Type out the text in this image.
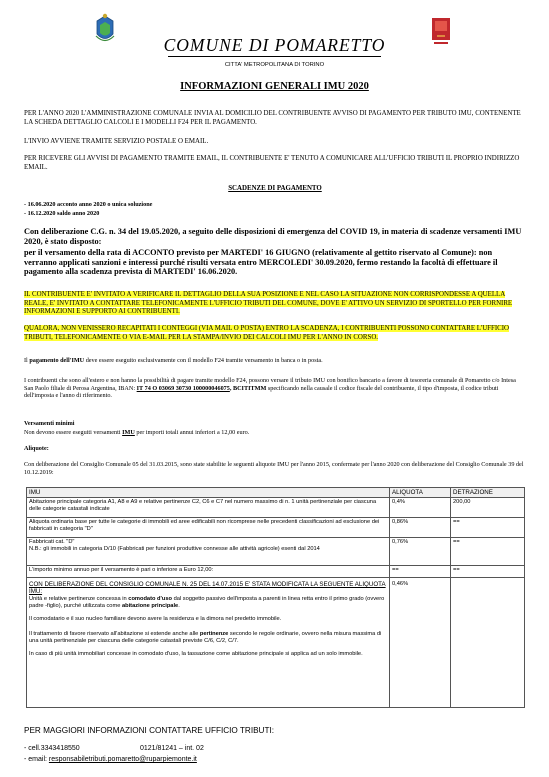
COMUNE DI POMARETTO
CITTA' METROPOLITANA DI TORINO
INFORMAZIONI GENERALI IMU 2020
PER L'ANNO 2020 L'AMMINISTRAZIONE COMUNALE INVIA AL DOMICILIO DEL CONTRIBUENTE AVVISO DI PAGAMENTO PER TRIBUTO IMU, CONTENENTE LA SCHEDA DETTAGLIO CALCOLI E I MODELLI F24 PER IL PAGAMENTO.
L'INVIO AVVIENE TRAMITE SERVIZIO POSTALE O EMAIL.
PER RICEVERE GLI AVVISI DI PAGAMENTO TRAMITE EMAIL, IL CONTRIBUENTE E' TENUTO A COMUNICARE ALL'UFFICIO TRIBUTI IL PROPRIO INDIRIZZO EMAIL.
SCADENZE DI PAGAMENTO
- 16.06.2020 acconto anno 2020 o unica soluzione
- 16.12.2020 saldo anno 2020
Con deliberazione C.G. n. 34 del 19.05.2020, a seguito delle disposizioni di emergenza del COVID 19, in materia di scadenze versamenti IMU 2020, è stato disposto:
per il versamento della rata di ACCONTO previsto per MARTEDI' 16 GIUGNO (relativamente al gettito riservato al Comune): non verranno applicati sanzioni e interessi purché risulti versata entro MERCOLEDI' 30.09.2020, fermo restando la facoltà di effettuare il pagamento alla scadenza prevista di MARTEDI' 16.06.2020.
IL CONTRIBUENTE E' INVITATO A VERIFICARE IL DETTAGLIO DELLA SUA POSIZIONE E NEL CASO LA SITUAZIONE NON CORRISPONDESSE A QUELLA REALE, E' INVITATO A CONTATTARE TELEFONICAMENTE L'UFFICIO TRIBUTI DEL COMUNE, DOVE E' ATTIVO UN SERVIZIO DI SPORTELLO PER FORNIRE INFORMAZIONI E SUPPORTO AI CONTRIBUENTI.
QUALORA, NON VENISSERO RECAPITATI I CONTEGGI (VIA MAIL O POSTA) ENTRO LA SCADENZA, I CONTRIBUENTI POSSONO CONTATTARE L'UFFICIO TRIBUTI, TELEFONICAMENTE O VIA E-MAIL PER LA STAMPA/INVIO DEI CALCOLI IMU PER L'ANNO IN CORSO.
Il pagamento dell'IMU deve essere eseguito esclusivamente con il modello F24 tramite versamento in banca o in posta.
I contribuenti che sono all'estero e non hanno la possibilità di pagare tramite modello F24, possono versare il tributo IMU con bonifico bancario a favore di tesoreria comunale di Pomaretto c/o Intesa San Paolo filiale di Perosa Argentina, IBAN: IT 74 O 03069 30730 100000046075, BCITITMM specificando nella causale il codice fiscale del contribuente, il tipo d'imposta, il codice tributi dell'imposta e l'anno di riferimento.
Versamenti minimi
Non devono essere eseguiti versamenti IMU per importi totali annui inferiori a 12,00 euro.
Aliquote:
Con deliberazione del Consiglio Comunale 05 del 31.03.2015, sono state stabilite le seguenti aliquote IMU per l'anno 2015, confermate per l'anno 2020 con deliberazione del Consiglio Comunale 39 del 10.12.2019:
IMU	ALIQUOTA	DETRAZIONE
Abitazione principale categoria A1, A8 e A9 e relative pertinenze C2, C6 e C7 nel numero massimo di n. 1 unità pertinenziale per ciascuna delle categorie catastali indicate	0,4%	200,00
Aliquota ordinaria base per tutte le categorie di immobili ed aree edificabili non ricomprese nelle precedenti classificazioni ad esclusione dei fabbricati in categoria "D"	0,86%	==

Fabbricati cat. "D"
N.B.: gli immobili in categoria D/10 (Fabbricati per funzioni produttive connesse alle attività agricole) esenti dal 2014	0,76%	==
L'importo minimo annuo per il versamento è pari o inferiore a Euro 12,00:	==	==

CON DELIBERAZIONE DEL CONSIGLIO COMUNALE N. 25 DEL 14.07.2015 E' STATA MODIFICATA LA SEGUENTE ALIQUOTA IMU:
Unità e relative pertinenze concessa in comodato d'uso dal soggetto passivo dell'imposta a parenti in linea retta entro il primo grado (ovvero padre -figlio), purché utilizzata come abitazione principale.
Il comodatario e il suo nucleo familiare devono avere la residenza e la dimora nel predetto immobile.
Il trattamento di favore riservato all'abitazione si estende anche alle pertinenze secondo le regole ordinarie, ovvero nella misura massima di una unità pertinenziale per ciascuna delle categorie catastali previste C/6, C/2, C/7.
In caso di più unità immobiliari concesse in comodato d'uso, la tassazione come abitazione principale si applica ad un solo immobile.	0,46%	
PER MAGGIORI INFORMAZIONI CONTATTARE UFFICIO TRIBUTI:
- cell.3343418550	0121/81241 – int. 02
- email: responsabiletributi.pomaretto@ruparpiemonte.it
